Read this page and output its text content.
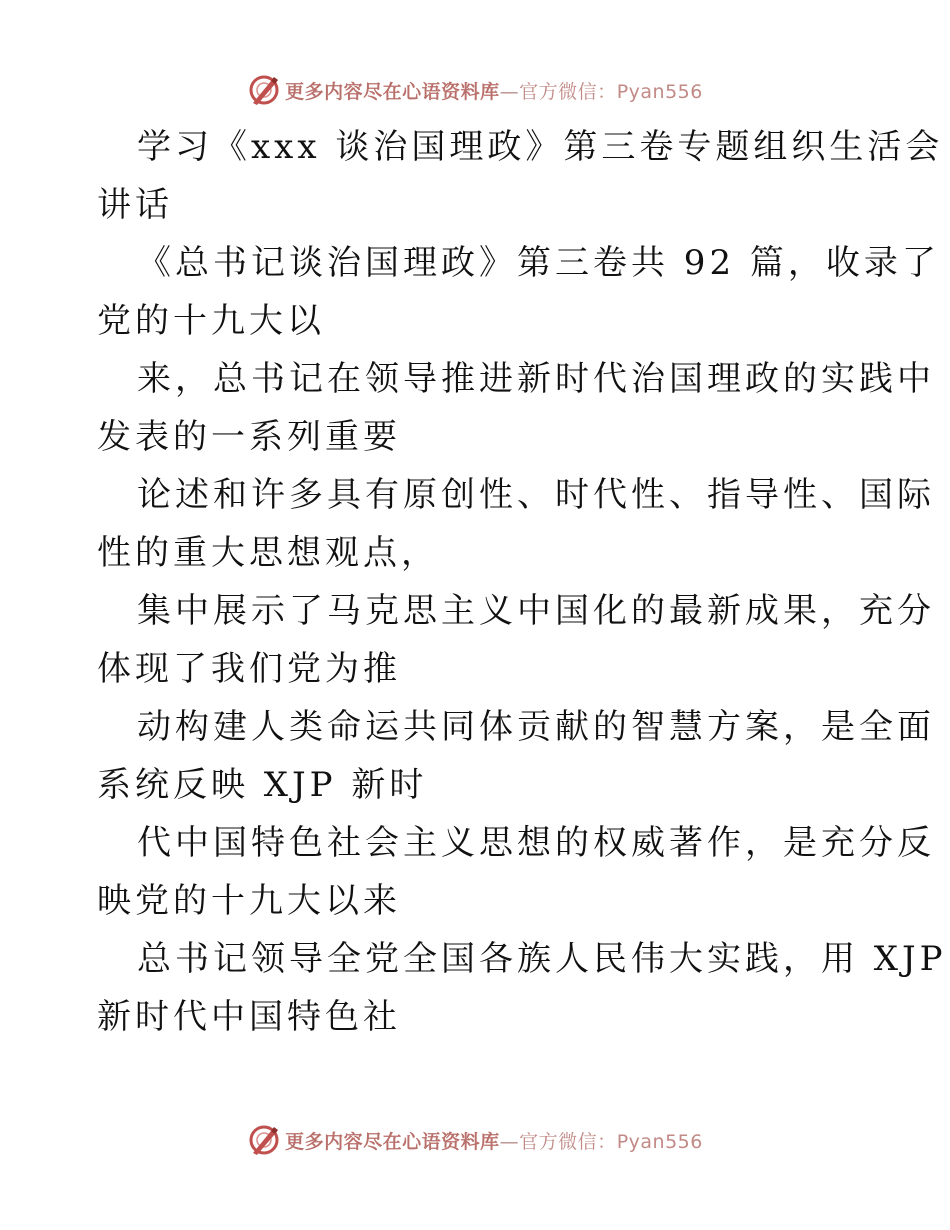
更多内容尽在心语资料库—官方微信：Pyan556
学习《xxx 谈治国理政》第三卷专题组织生活会
讲话
《总书记谈治国理政》第三卷共 92 篇，收录了
党的十九大以
来，总书记在领导推进新时代治国理政的实践中
发表的一系列重要
论述和许多具有原创性、时代性、指导性、国际
性的重大思想观点，
集中展示了马克思主义中国化的最新成果，充分
体现了我们党为推
动构建人类命运共同体贡献的智慧方案，是全面
系统反映 XJP 新时
代中国特色社会主义思想的权威著作，是充分反
映党的十九大以来
总书记领导全党全国各族人民伟大实践，用 XJP
新时代中国特色社
更多内容尽在心语资料库—官方微信：Pyan556
